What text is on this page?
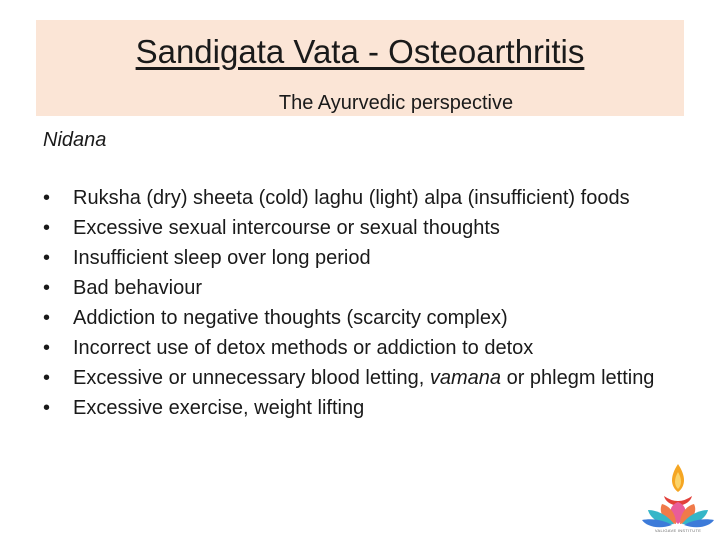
Sandigata Vata - Osteoarthritis
The Ayurvedic perspective
Nidana
• Ruksha (dry) sheeta (cold) laghu (light) alpa (insufficient) foods
• Excessive sexual intercourse or sexual thoughts
• Insufficient sleep over long period
• Bad behaviour
• Addiction to negative thoughts (scarcity complex)
• Incorrect use of detox methods or addiction to detox
• Excessive or unnecessary blood letting, vamana or phlegm letting
• Excessive exercise, weight lifting
VALIGAVE INSTITUTE
